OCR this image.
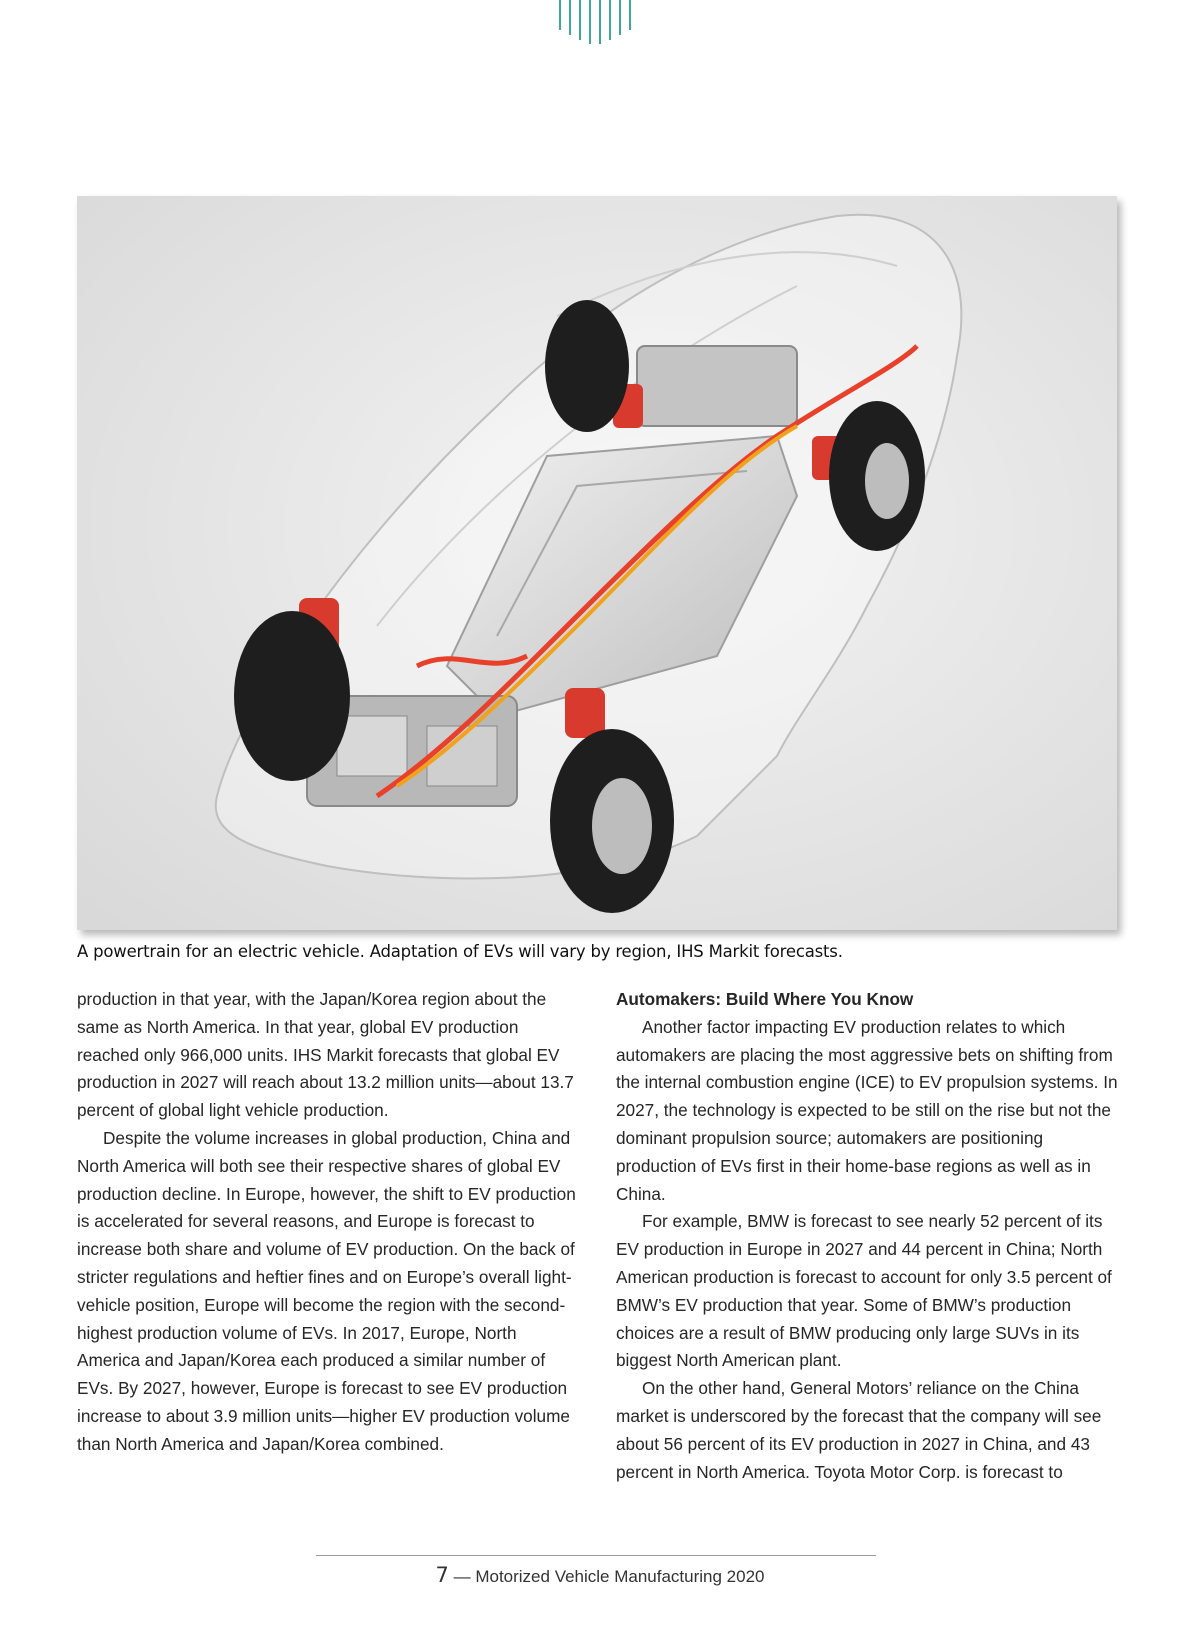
A powertrain for an electric vehicle. Adaptation of EVs will vary by region, IHS Markit forecasts.

production in that year, with the Japan/Korea region about the same as North America. In that year, global EV production reached only 966,000 units. IHS Markit forecasts that global EV production in 2027 will reach about 13.2 million units—about 13.7 percent of global light vehicle production.

Despite the volume increases in global production, China and North America will both see their respective shares of global EV production decline. In Europe, however, the shift to EV production is accelerated for several reasons, and Europe is forecast to increase both share and volume of EV production. On the back of stricter regulations and heftier fines and on Europe’s overall light-vehicle position, Europe will become the region with the second-highest production volume of EVs. In 2017, Europe, North America and Japan/Korea each produced a similar number of EVs. By 2027, however, Europe is forecast to see EV production increase to about 3.9 million units—higher EV production volume than North America and Japan/Korea combined.

Automakers: Build Where You Know

Another factor impacting EV production relates to which automakers are placing the most aggressive bets on shifting from the internal combustion engine (ICE) to EV propulsion systems. In 2027, the technology is expected to be still on the rise but not the dominant propulsion source; automakers are positioning production of EVs first in their home-base regions as well as in China.

For example, BMW is forecast to see nearly 52 percent of its EV production in Europe in 2027 and 44 percent in China; North American production is forecast to account for only 3.5 percent of BMW’s EV production that year. Some of BMW’s production choices are a result of BMW producing only large SUVs in its biggest North American plant.

On the other hand, General Motors’ reliance on the China market is underscored by the forecast that the company will see about 56 percent of its EV production in 2027 in China, and 43 percent in North America. Toyota Motor Corp. is forecast to

7 — Motorized Vehicle Manufacturing 2020
